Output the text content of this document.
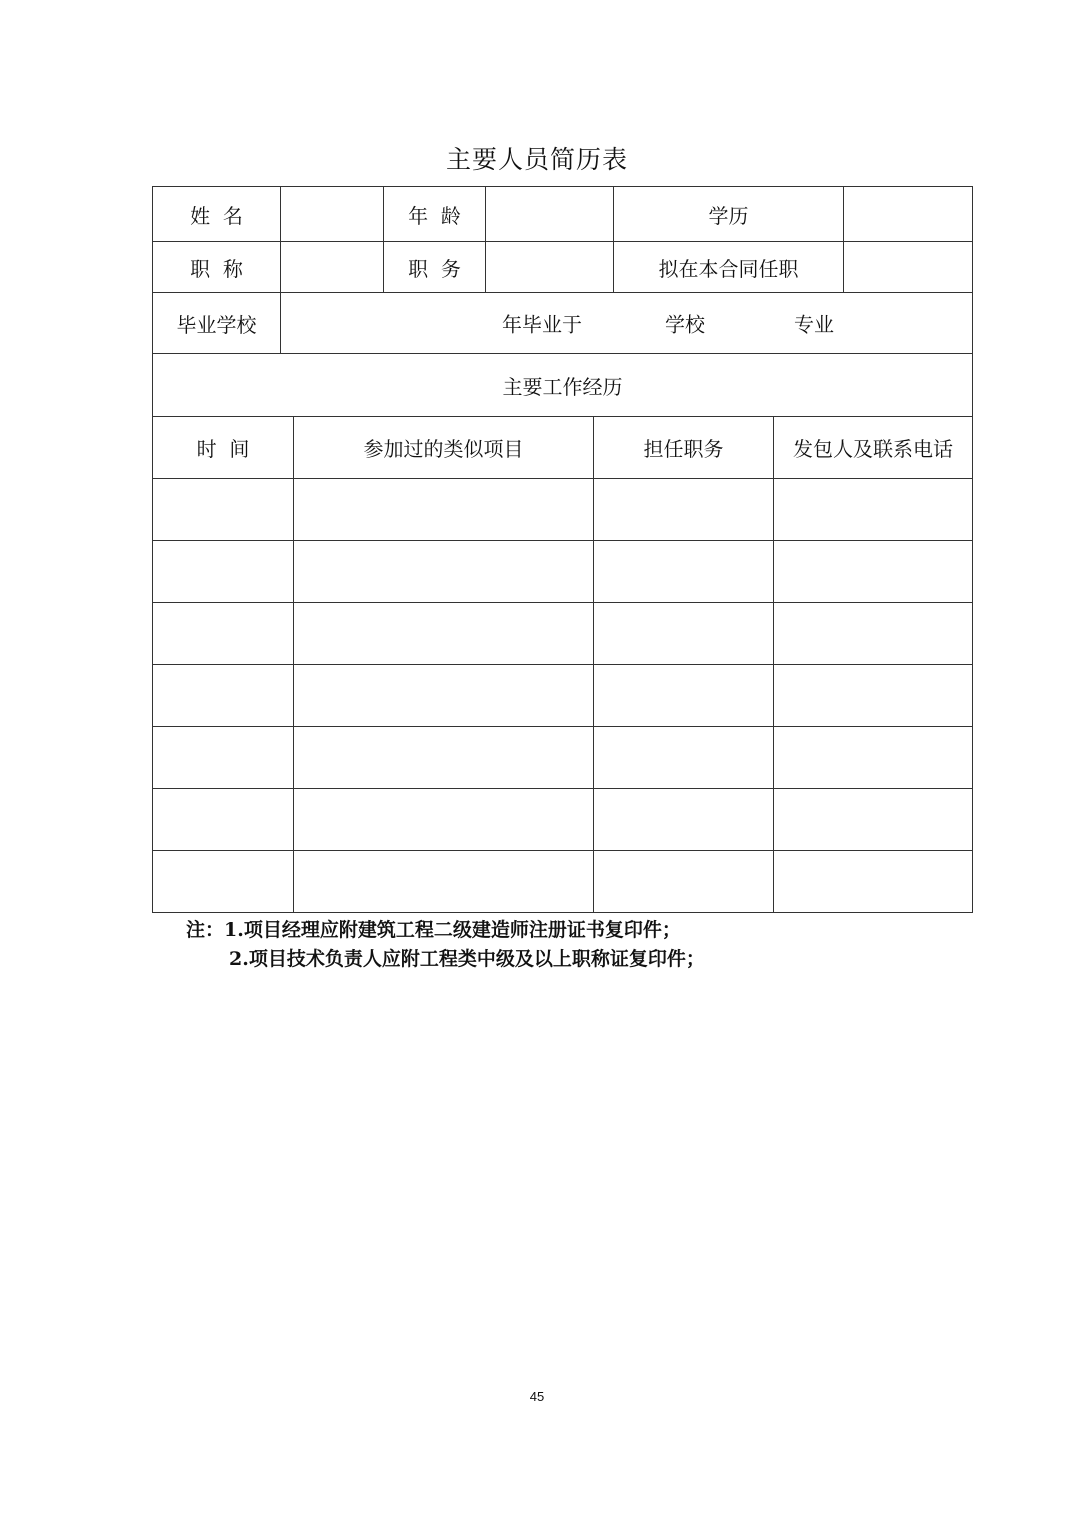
主要人员简历表
姓  名		年  龄		学历	
职  称		职  务		拟在本合同任职	
毕业学校	年毕业于 学校 专业				

主要工作经历					
时  间	参加过的类似项目	担任职务	发包人及联系电话

注：1.项目经理应附建筑工程二级建造师注册证书复印件；
2.项目技术负责人应附工程类中级及以上职称证复印件；
45
